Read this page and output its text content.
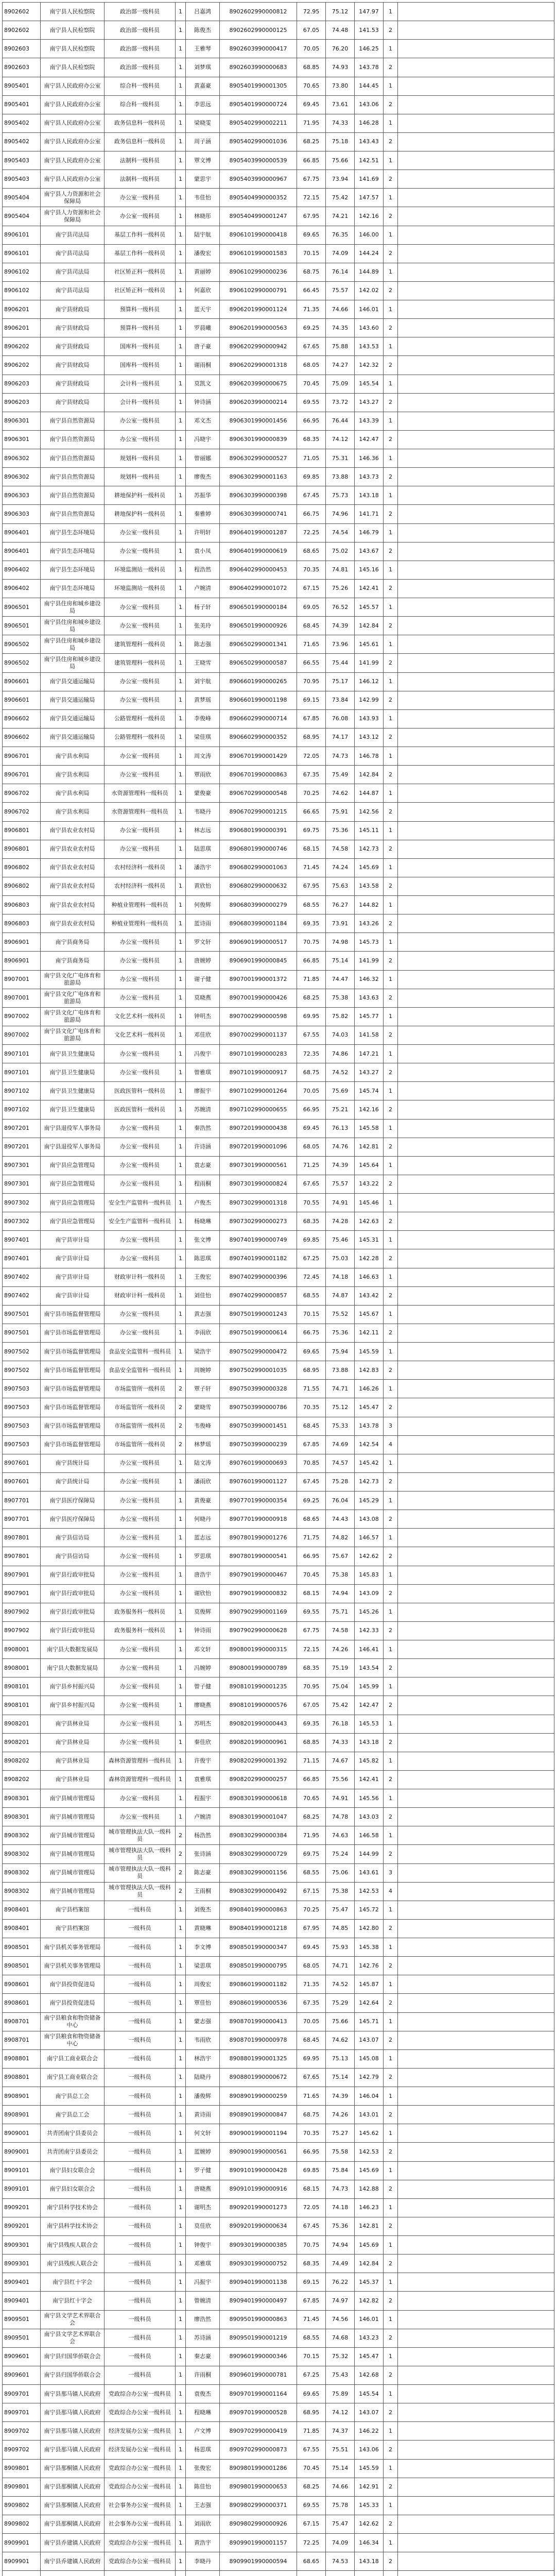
8902602	南宁县人民检察院	政治部一级科员	1	吕嘉鸿	8902602990000812	72.95	75.12	147.97	1	
8902602	南宁县人民检察院	政治部一级科员	1	陈俊杰	8902602990000125	67.05	74.48	141.53	2	
8902603	南宁县人民检察院	政治部一级科员	1	王雅琴	8902603990000417	70.05	76.20	146.25	1	
8902603	南宁县人民检察院	政治部一级科员	1	刘梦琪	8902603990000683	68.85	74.93	143.78	2	
8905401	南宁县人民政府办公室	综合科一级科员	1	黄嘉豪	8905401990001305	70.65	73.80	144.45	1	
8905401	南宁县人民政府办公室	综合科一级科员	1	李思远	8905401990000724	69.45	73.61	143.06	2	
8905402	南宁县人民政府办公室	政务信息科一级科员	1	梁晓雯	8905402990002211	71.95	74.33	146.28	1	
8905402	南宁县人民政府办公室	政务信息科一级科员	1	周子涵	8905402990001036	68.25	75.18	143.43	2	
8905403	南宁县人民政府办公室	法制科一级科员	1	覃文博	8905403990000539	66.85	75.66	142.51	1	
8905403	南宁县人民政府办公室	法制科一级科员	1	蒙思宇	8905403990000967	67.75	73.94	141.69	2	
8905404	南宁县人力资源和社会保障局	办公室一级科员	1	韦佳怡	8905404990000352	72.15	75.42	147.57	1	
8905404	南宁县人力资源和社会保障局	办公室一级科员	1	林晓彤	8905404990001247	67.95	74.21	142.16	2	
8906101	南宁县司法局	基层工作科一级科员	1	陆宇航	8906101990000418	69.65	76.35	146.00	1	
8906101	南宁县司法局	基层工作科一级科员	1	潘俊宏	8906101990001583	70.15	74.09	144.24	2	
8906102	南宁县司法局	社区矫正科一级科员	1	黄丽婷	8906102990000236	68.75	76.14	144.89	1	
8906102	南宁县司法局	社区矫正科一级科员	1	何嘉欣	8906102990000791	66.45	75.57	142.02	2	
8906201	南宁县财政局	预算科一级科员	1	蓝天宇	8906201990001124	71.35	74.66	146.01	1	
8906201	南宁县财政局	预算科一级科员	1	罗晨曦	8906201990000563	69.25	74.35	143.60	2	
8906202	南宁县财政局	国库科一级科员	1	唐子豪	8906202990000942	67.65	75.88	143.53	1	
8906202	南宁县财政局	国库科一级科员	1	谢雨桐	8906202990001318	68.05	74.27	142.32	2	
8906203	南宁县财政局	会计科一级科员	1	莫凯文	8906203990000675	70.45	75.09	145.54	1	
8906203	南宁县财政局	会计科一级科员	1	钟诗涵	8906203990000214	69.55	73.72	143.27	2	
8906301	南宁县自然资源局	办公室一级科员	1	邓文杰	8906301990001456	66.95	76.44	143.39	1	
8906301	南宁县自然资源局	办公室一级科员	1	冯晓宇	8906301990000839	68.35	74.12	142.47	2	
8906302	南宁县自然资源局	规划科一级科员	1	曾丽娜	8906302990000527	71.05	75.31	146.36	1	
8906302	南宁县自然资源局	规划科一级科员	1	廖俊杰	8906302990001163	69.85	73.88	143.73	2	
8906303	南宁县自然资源局	耕地保护科一级科员	1	苏振华	8906303990000398	67.45	75.73	143.18	1	
8906303	南宁县自然资源局	耕地保护科一级科员	1	秦雅婷	8906303990000741	66.75	74.96	141.71	2	
8906401	南宁县生态环境局	办公室一级科员	1	许明轩	8906401990001287	72.25	74.54	146.79	1	
8906401	南宁县生态环境局	办公室一级科员	1	袁小凤	8906401990000619	68.65	75.02	143.67	2	
8906402	南宁县生态环境局	环境监测站一级科员	1	程浩然	8906402990000453	70.35	74.81	145.16	1	
8906402	南宁县生态环境局	环境监测站一级科员	1	卢婉清	8906402990001072	67.15	75.26	142.41	2	
8906501	南宁县住房和城乡建设局	办公室一级科员	1	杨子轩	8906501990000184	69.05	76.52	145.57	1	
8906501	南宁县住房和城乡建设局	办公室一级科员	1	张美玲	8906501990000926	68.45	74.39	142.84	2	
8906502	南宁县住房和城乡建设局	建筑管理科一级科员	1	陈志强	8906502990001341	71.65	73.96	145.61	1	
8906502	南宁县住房和城乡建设局	建筑管理科一级科员	1	王晓雪	8906502990000587	66.55	75.44	141.99	2	
8906601	南宁县交通运输局	办公室一级科员	1	刘宇航	8906601990000265	70.95	75.17	146.12	1	
8906601	南宁县交通运输局	办公室一级科员	1	黄梦瑶	8906601990001198	69.15	73.84	142.99	2	
8906602	南宁县交通运输局	公路管理科一级科员	1	李俊峰	8906602990000714	67.85	76.08	143.93	1	
8906602	南宁县交通运输局	公路管理科一级科员	1	梁佳琪	8906602990000352	68.95	74.17	143.12	2	
8906701	南宁县水利局	办公室一级科员	1	周文涛	8906701990001429	72.05	74.73	146.78	1	
8906701	南宁县水利局	办公室一级科员	1	覃雨欣	8906701990000863	67.35	75.49	142.84	2	
8906702	南宁县水利局	水资源管理科一级科员	1	蒙俊豪	8906702990000548	70.25	74.62	144.87	1	
8906702	南宁县水利局	水资源管理科一级科员	1	韦晓丹	8906702990001215	66.65	75.91	142.56	2	
8906801	南宁县农业农村局	办公室一级科员	1	林志远	8906801990000391	69.75	75.36	145.11	1	
8906801	南宁县农业农村局	办公室一级科员	1	陆思琪	8906801990000746	68.15	74.58	142.73	2	
8906802	南宁县农业农村局	农村经济科一级科员	1	潘浩宇	8906802990001063	71.45	74.24	145.69	1	
8906802	南宁县农业农村局	农村经济科一级科员	1	黄欣怡	8906802990000632	67.95	75.63	143.58	2	
8906803	南宁县农业农村局	种植业管理科一级科员	1	何俊辉	8906803990000279	68.55	76.27	144.82	1	
8906803	南宁县农业农村局	种植业管理科一级科员	1	蓝诗雨	8906803990001184	69.35	73.91	143.26	2	
8906901	南宁县商务局	办公室一级科员	1	罗文轩	8906901990000517	70.75	74.98	145.73	1	
8906901	南宁县商务局	办公室一级科员	1	唐婉婷	8906901990000845	66.85	75.14	141.99	2	
8907001	南宁县文化广电体育和旅游局	办公室一级科员	1	谢子健	8907001990001372	71.85	74.47	146.32	1	
8907001	南宁县文化广电体育和旅游局	办公室一级科员	1	莫晓燕	8907001990000426	68.25	75.38	143.63	2	
8907002	南宁县文化广电体育和旅游局	文化艺术科一级科员	1	钟明杰	8907002990000598	69.95	75.82	145.77	1	
8907002	南宁县文化广电体育和旅游局	文化艺术科一级科员	1	邓佳欣	8907002990001137	67.55	74.03	141.58	2	
8907101	南宁县卫生健康局	办公室一级科员	1	冯俊宇	8907101990000283	72.35	74.86	147.21	1	
8907101	南宁县卫生健康局	办公室一级科员	1	曾雅琪	8907101990000917	68.75	74.52	143.27	2	
8907102	南宁县卫生健康局	医政医管科一级科员	1	廖振宇	8907102990001264	70.05	75.69	145.74	1	
8907102	南宁县卫生健康局	医政医管科一级科员	1	苏婉清	8907102990000655	66.95	75.21	142.16	2	
8907201	南宁县退役军人事务局	办公室一级科员	1	秦浩然	8907201990000438	69.45	76.13	145.58	1	
8907201	南宁县退役军人事务局	办公室一级科员	1	许诗涵	8907201990001096	68.05	74.76	142.81	2	
8907301	南宁县应急管理局	办公室一级科员	1	袁志豪	8907301990000561	71.25	74.39	145.64	1	
8907301	南宁县应急管理局	办公室一级科员	1	程雨桐	8907301990000824	67.65	75.57	143.22	2	
8907302	南宁县应急管理局	安全生产监管科一级科员	1	卢俊杰	8907302990001318	70.55	74.91	145.46	1	
8907302	南宁县应急管理局	安全生产监管科一级科员	1	杨晓琳	8907302990000273	68.35	74.28	142.63	2	
8907401	南宁县审计局	办公室一级科员	1	张文博	8907401990000749	69.85	75.46	145.31	1	
8907401	南宁县审计局	办公室一级科员	1	陈思琪	8907401990001182	67.25	75.03	142.28	2	
8907402	南宁县审计局	财政审计科一级科员	1	王俊宏	8907402990000396	72.45	74.18	146.63	1	
8907402	南宁县审计局	财政审计科一级科员	1	刘佳怡	8907402990000857	68.55	74.87	143.42	2	
8907501	南宁县市场监督管理局	办公室一级科员	1	黄志强	8907501990001243	70.15	75.52	145.67	1	
8907501	南宁县市场监督管理局	办公室一级科员	1	李雨欣	8907501990000614	66.75	75.36	142.11	2	
8907502	南宁县市场监督管理局	食品安全监管科一级科员	1	梁浩宇	8907502990000472	69.65	75.94	145.59	1	
8907502	南宁县市场监督管理局	食品安全监管科一级科员	1	周婉婷	8907502990001035	68.95	73.88	142.83	2	
8907503	南宁县市场监督管理局	市场监管所一级科员	2	覃子轩	8907503990000328	71.55	74.71	146.26	1	
8907503	南宁县市场监督管理局	市场监管所一级科员	2	蒙晓雪	8907503990000786	70.35	75.12	145.47	2	
8907503	南宁县市场监督管理局	市场监管所一级科员	2	韦俊峰	8907503990001451	68.45	75.33	143.78	3	
8907503	南宁县市场监督管理局	市场监管所一级科员	2	林梦瑶	8907503990000239	67.85	74.69	142.54	4	
8907601	南宁县统计局	办公室一级科员	1	陆文涛	8907601990000693	70.85	74.57	145.42	1	
8907601	南宁县统计局	办公室一级科员	1	潘雨欣	8907601990001127	67.45	75.28	142.73	2	
8907701	南宁县医疗保障局	办公室一级科员	1	黄俊豪	8907701990000354	69.25	76.04	145.29	1	
8907701	南宁县医疗保障局	办公室一级科员	1	何晓丹	8907701990000918	68.65	74.43	143.08	2	
8907801	南宁县信访局	办公室一级科员	1	蓝志远	8907801990001276	71.75	74.82	146.57	1	
8907801	南宁县信访局	办公室一级科员	1	罗思琪	8907801990000541	66.95	75.67	142.62	2	
8907901	南宁县行政审批局	办公室一级科员	1	唐浩宇	8907901990000467	70.45	75.38	145.83	1	
8907901	南宁县行政审批局	办公室一级科员	1	谢欣怡	8907901990000832	68.15	74.94	143.09	2	
8907902	南宁县行政审批局	政务服务科一级科员	1	莫俊辉	8907902990001169	69.55	75.71	145.26	1	
8907902	南宁县行政审批局	政务服务科一级科员	1	钟诗雨	8907902990000628	67.75	74.58	142.33	2	
8908001	南宁县大数据发展局	办公室一级科员	1	邓文轩	8908001990000315	72.15	74.26	146.41	1	
8908001	南宁县大数据发展局	办公室一级科员	1	冯婉婷	8908001990000789	68.35	75.19	143.54	2	
8908101	南宁县乡村振兴局	办公室一级科员	1	曾子健	8908101990001235	70.95	75.04	145.99	1	
8908101	南宁县乡村振兴局	办公室一级科员	1	廖晓燕	8908101990000576	67.05	75.42	142.47	2	
8908201	南宁县林业局	办公室一级科员	1	苏明杰	8908201990000443	69.35	76.18	145.53	1	
8908201	南宁县林业局	办公室一级科员	1	秦佳欣	8908201990000961	68.85	74.33	143.18	2	
8908202	南宁县林业局	森林资源管理科一级科员	1	许俊宇	8908202990001392	71.15	74.67	145.82	1	
8908202	南宁县林业局	森林资源管理科一级科员	1	袁雅琪	8908202990000257	66.85	75.56	142.41	2	
8908301	南宁县城市管理局	办公室一级科员	1	程振宇	8908301990000618	70.65	74.91	145.56	1	
8908301	南宁县城市管理局	办公室一级科员	1	卢婉清	8908301990001047	68.25	74.78	143.03	2	
8908302	南宁县城市管理局	城市管理执法大队一级科员	2	杨浩然	8908302990000384	71.95	74.63	146.58	1	
8908302	南宁县城市管理局	城市管理执法大队一级科员	2	张诗涵	8908302990000729	69.75	75.24	144.99	2	
8908302	南宁县城市管理局	城市管理执法大队一级科员	2	陈志豪	8908302990001156	68.55	75.06	143.61	3	
8908302	南宁县城市管理局	城市管理执法大队一级科员	2	王雨桐	8908302990000492	67.15	75.38	142.53	4	
8908401	南宁县档案馆	一级科员	1	刘俊杰	8908401990000863	70.25	75.47	145.72	1	
8908401	南宁县档案馆	一级科员	1	黄晓琳	8908401990001218	67.95	74.85	142.80	2	
8908501	南宁县机关事务管理局	一级科员	1	李文博	8908501990000347	69.45	75.93	145.38	1	
8908501	南宁县机关事务管理局	一级科员	1	梁思琪	8908501990000795	68.05	74.71	142.76	2	
8908601	南宁县投资促进局	一级科员	1	周俊宏	8908601990001182	71.35	74.52	145.87	1	
8908601	南宁县投资促进局	一级科员	1	覃佳怡	8908601990000536	67.35	75.29	142.64	2	
8908701	南宁县粮食和物资储备中心	一级科员	1	蒙志强	8908701990000413	70.05	75.66	145.71	1	
8908701	南宁县粮食和物资储备中心	一级科员	1	韦雨欣	8908701990000978	68.45	74.62	143.07	2	
8908801	南宁县工商业联合会	一级科员	1	林浩宇	8908801990001325	69.95	75.13	145.08	1	
8908801	南宁县工商业联合会	一级科员	1	陆晓丹	8908801990000672	67.65	75.14	142.79	2	
8908901	南宁县总工会	一级科员	1	潘俊辉	8908901990000259	71.65	74.39	146.04	1	
8908901	南宁县总工会	一级科员	1	黄诗雨	8908901990000847	68.75	74.26	143.01	2	
8909001	共青团南宁县委员会	一级科员	1	何文轩	8909001990001194	70.35	75.27	145.62	1	
8909001	共青团南宁县委员会	一级科员	1	蓝婉婷	8909001990000561	66.95	75.58	142.53	2	
8909101	南宁县妇女联合会	一级科员	1	罗子健	8909101990000428	69.85	75.84	145.69	1	
8909101	南宁县妇女联合会	一级科员	1	唐晓燕	8909101990000916	68.15	74.73	142.88	2	
8909201	南宁县科学技术协会	一级科员	1	谢明杰	8909201990001273	72.05	74.18	146.23	1	
8909201	南宁县科学技术协会	一级科员	1	莫佳欣	8909201990000634	67.45	75.36	142.81	2	
8909301	南宁县残疾人联合会	一级科员	1	钟俊宇	8909301990000385	70.75	74.94	145.69	1	
8909301	南宁县残疾人联合会	一级科员	1	邓雅琪	8909301990000752	68.35	74.49	142.84	2	
8909401	南宁县红十字会	一级科员	1	冯振宇	8909401990001138	69.15	76.22	145.37	1	
8909401	南宁县红十字会	一级科员	1	曾婉清	8909401990000497	67.85	74.97	142.82	2	
8909501	南宁县文学艺术界联合会	一级科员	1	廖浩然	8909501990000863	71.45	74.56	146.01	1	
8909501	南宁县文学艺术界联合会	一级科员	1	苏诗涵	8909501990001219	68.55	74.68	143.23	2	
8909601	南宁县归国华侨联合会	一级科员	1	秦志豪	8909601990000346	70.15	75.32	145.47	1	
8909601	南宁县归国华侨联合会	一级科员	1	许雨桐	8909601990000781	67.25	75.43	142.68	2	
8909701	南宁县那马镇人民政府	党政综合办公室一级科员	1	袁俊杰	8909701990001164	69.65	75.89	145.54	1	
8909701	南宁县那马镇人民政府	党政综合办公室一级科员	1	程晓琳	8909701990000528	68.95	74.12	143.07	2	
8909702	南宁县那马镇人民政府	经济发展办公室一级科员	1	卢文博	8909702990000419	71.85	74.37	146.22	1	
8909702	南宁县那马镇人民政府	经济发展办公室一级科员	1	杨思琪	8909702990000873	67.55	75.51	143.06	2	
8909801	南宁县那桐镇人民政府	党政综合办公室一级科员	1	张俊宏	8909801990001286	70.45	75.14	145.59	1	
8909801	南宁县那桐镇人民政府	党政综合办公室一级科员	1	陈佳怡	8909801990000653	68.25	74.66	142.91	2	
8909802	南宁县那桐镇人民政府	社会事务办公室一级科员	1	王志强	8909802990000371	69.55	75.78	145.33	1	
8909802	南宁县那桐镇人民政府	社会事务办公室一级科员	1	刘雨欣	8909802990000926	67.15	75.47	142.62	2	
8909901	南宁县乔建镇人民政府	党政综合办公室一级科员	1	黄浩宇	8909901990001157	72.25	74.09	146.34	1	
8909901	南宁县乔建镇人民政府	党政综合办公室一级科员	1	李晓丹	8909901990000594	68.65	74.53	143.18	2	
